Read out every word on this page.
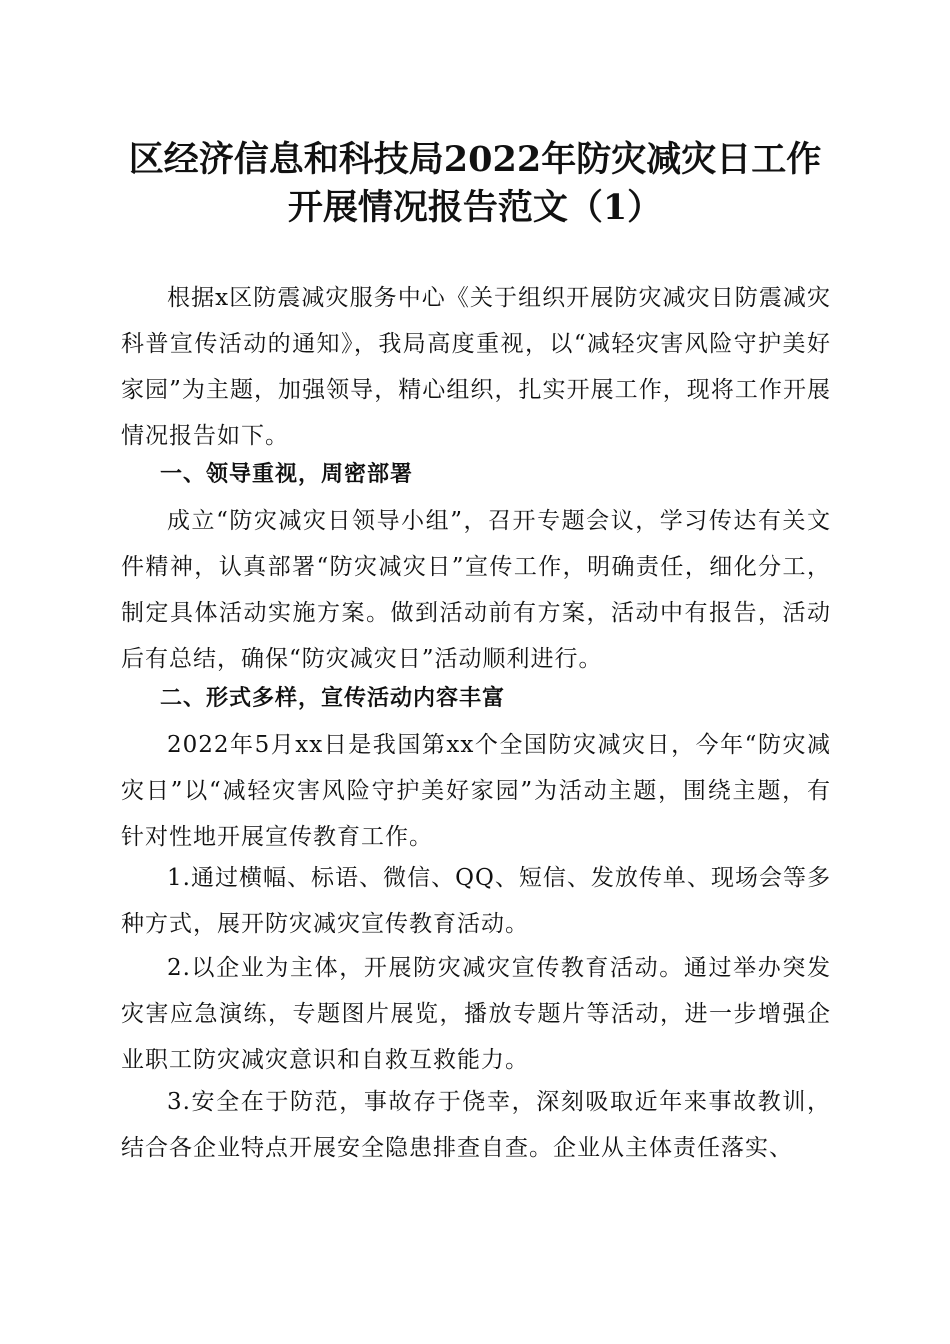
区经济信息和科技局2022年防灾减灾日工作
开展情况报告范文（1）
根据x区防震减灾服务中心《关于组织开展防灾减灾日防震减灾科普宣传活动的通知》，我局高度重视，以“减轻灾害风险守护美好家园”为主题，加强领导，精心组织，扎实开展工作，现将工作开展情况报告如下。
一、领导重视，周密部署
成立“防灾减灾日领导小组”，召开专题会议，学习传达有关文件精神，认真部署“防灾减灾日”宣传工作，明确责任，细化分工，制定具体活动实施方案。做到活动前有方案，活动中有报告，活动后有总结，确保“防灾减灾日”活动顺利进行。
二、形式多样，宣传活动内容丰富
2022年5月xx日是我国第xx个全国防灾减灾日，今年“防灾减灾日”以“减轻灾害风险守护美好家园”为活动主题，围绕主题，有针对性地开展宣传教育工作。
1.通过横幅、标语、微信、QQ、短信、发放传单、现场会等多种方式，展开防灾减灾宣传教育活动。
2.以企业为主体，开展防灾减灾宣传教育活动。通过举办突发灾害应急演练，专题图片展览，播放专题片等活动，进一步增强企业职工防灾减灾意识和自救互救能力。
3.安全在于防范，事故存于侥幸，深刻吸取近年来事故教训，结合各企业特点开展安全隐患排查自查。企业从主体责任落实、
